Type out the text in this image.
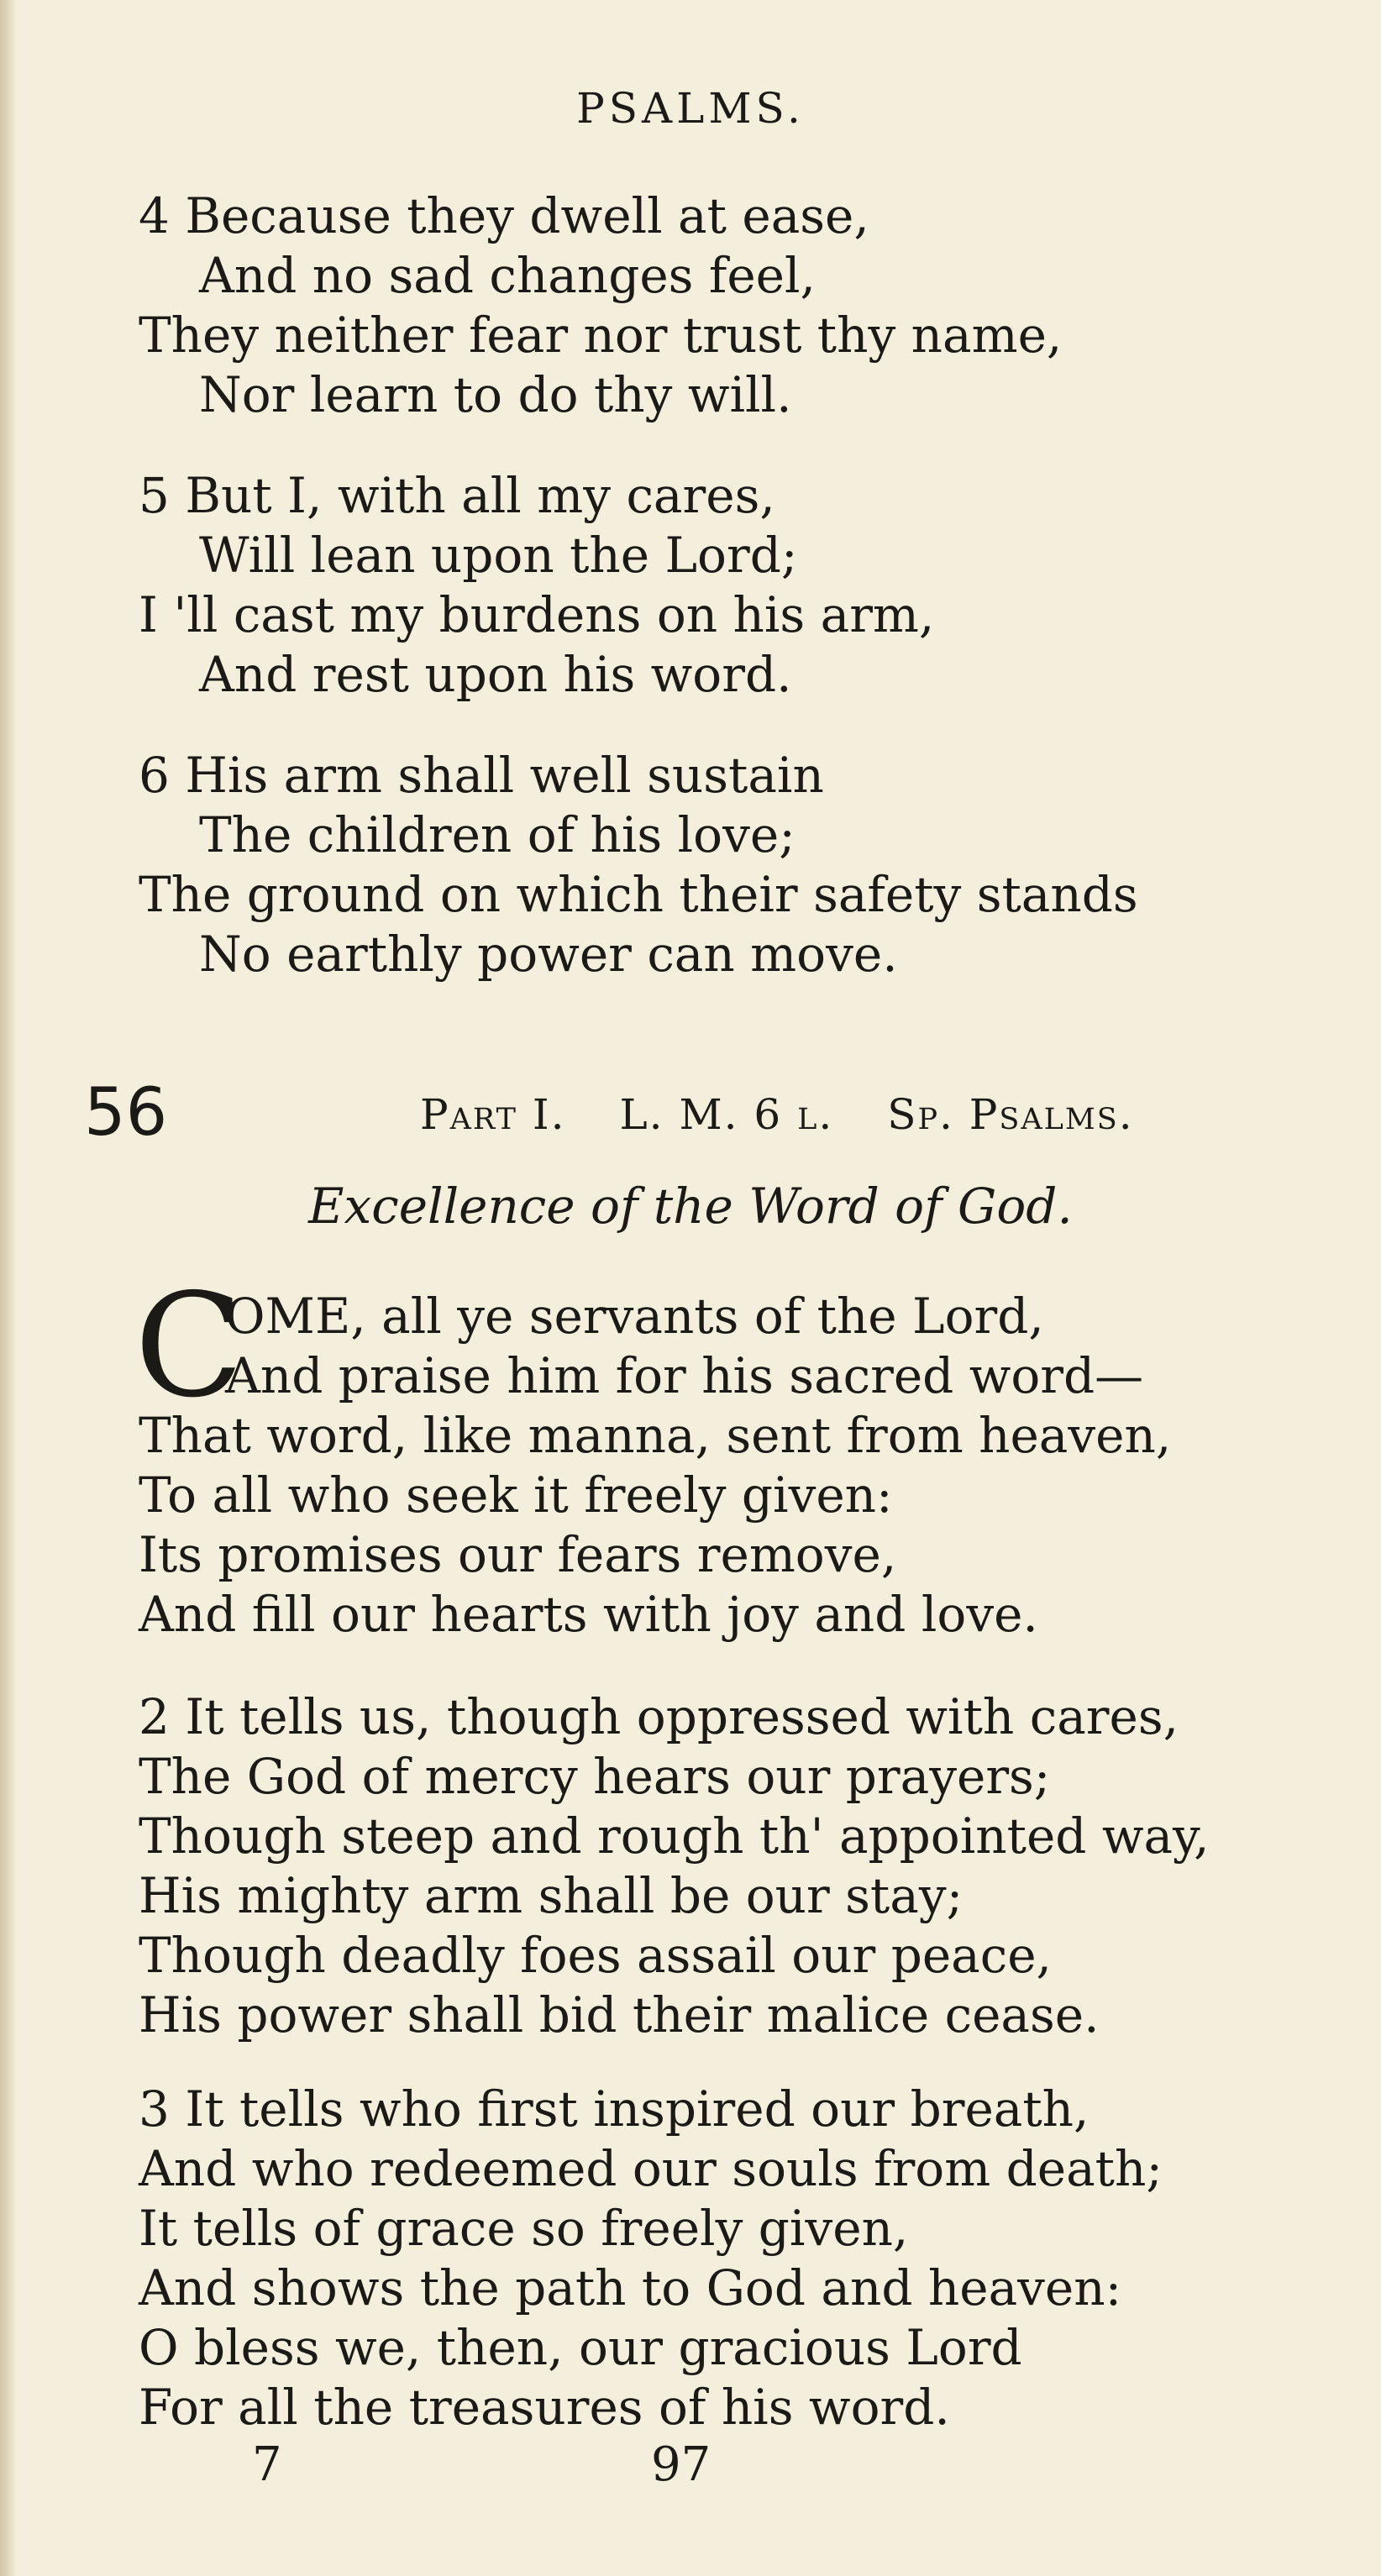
PSALMS.
4 Because they dwell at ease,
And no sad changes feel,
They neither fear nor trust thy name,
Nor learn to do thy will.
5 But I, with all my cares,
Will lean upon the Lord;
I 'll cast my burdens on his arm,
And rest upon his word.
6 His arm shall well sustain
The children of his love;
The ground on which their safety stands
No earthly power can move.
56	Part I. L. M. 6 l. Sp. Psalms.
Excellence of the Word of God.
C
OME, all ye servants of the Lord,
And praise him for his sacred word—
That word, like manna, sent from heaven,
To all who seek it freely given:
Its promises our fears remove,
And fill our hearts with joy and love.
2 It tells us, though oppressed with cares,
The God of mercy hears our prayers;
Though steep and rough th' appointed way,
His mighty arm shall be our stay;
Though deadly foes assail our peace,
His power shall bid their malice cease.
3 It tells who first inspired our breath,
And who redeemed our souls from death;
It tells of grace so freely given,
And shows the path to God and heaven:
O bless we, then, our gracious Lord
For all the treasures of his word.
7	97
